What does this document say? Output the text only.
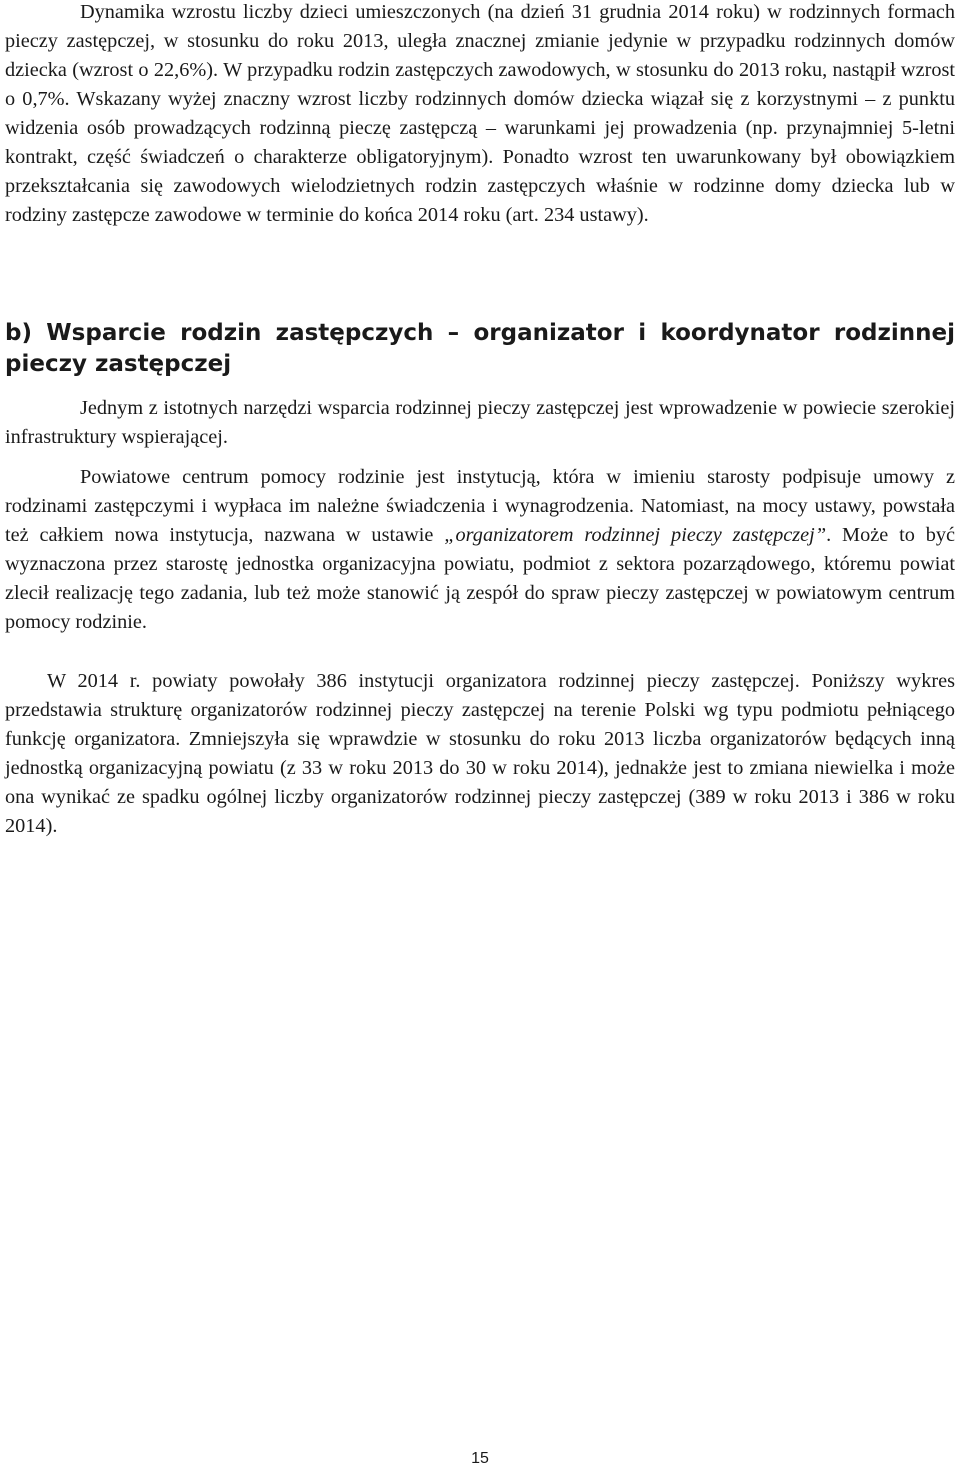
Dynamika wzrostu liczby dzieci umieszczonych (na dzień 31 grudnia 2014 roku) w rodzinnych formach pieczy zastępczej, w stosunku do roku 2013, uległa znacznej zmianie jedynie w przypadku rodzinnych domów dziecka (wzrost o 22,6%). W przypadku rodzin zastępczych zawodowych, w stosunku do 2013 roku, nastąpił wzrost o 0,7%. Wskazany wyżej znaczny wzrost liczby rodzinnych domów dziecka wiązał się z korzystnymi – z punktu widzenia osób prowadzących rodzinną pieczę zastępczą – warunkami jej prowadzenia (np. przynajmniej 5-letni kontrakt, część świadczeń o charakterze obligatoryjnym). Ponadto wzrost ten uwarunkowany był obowiązkiem przekształcania się zawodowych wielodzietnych rodzin zastępczych właśnie w rodzinne domy dziecka lub w rodziny zastępcze zawodowe w terminie do końca 2014 roku (art. 234 ustawy).

b) Wsparcie rodzin zastępczych – organizator i koordynator rodzinnej pieczy zastępczej

Jednym z istotnych narzędzi wsparcia rodzinnej pieczy zastępczej jest wprowadzenie w powiecie szerokiej infrastruktury wspierającej.

Powiatowe centrum pomocy rodzinie jest instytucją, która w imieniu starosty podpisuje umowy z rodzinami zastępczymi i wypłaca im należne świadczenia i wynagrodzenia. Natomiast, na mocy ustawy, powstała też całkiem nowa instytucja, nazwana w ustawie „organizatorem rodzinnej pieczy zastępczej”. Może to być wyznaczona przez starostę jednostka organizacyjna powiatu, podmiot z sektora pozarządowego, któremu powiat zlecił realizację tego zadania, lub też może stanowić ją zespół do spraw pieczy zastępczej w powiatowym centrum pomocy rodzinie.

W 2014 r. powiaty powołały 386 instytucji organizatora rodzinnej pieczy zastępczej. Poniższy wykres przedstawia strukturę organizatorów rodzinnej pieczy zastępczej na terenie Polski wg typu podmiotu pełniącego funkcję organizatora. Zmniejszyła się wprawdzie w stosunku do roku 2013 liczba organizatorów będących inną jednostką organizacyjną powiatu (z 33 w roku 2013 do 30 w roku 2014), jednakże jest to zmiana niewielka i może ona wynikać ze spadku ogólnej liczby organizatorów rodzinnej pieczy zastępczej (389 w roku 2013 i 386 w roku 2014).

15
